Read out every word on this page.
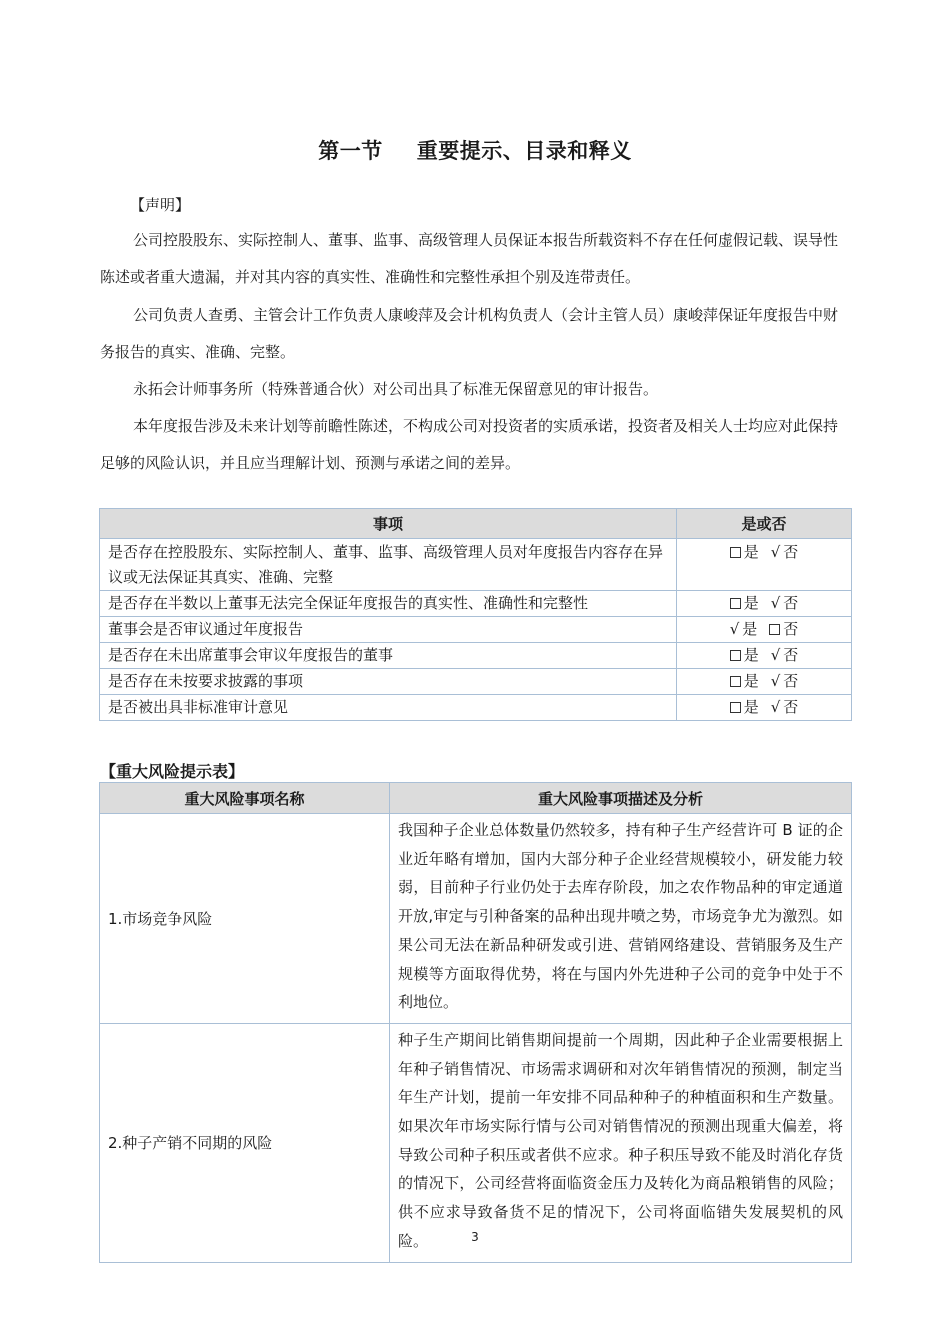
第一节 重要提示、目录和释义
【声明】
公司控股股东、实际控制人、董事、监事、高级管理人员保证本报告所载资料不存在任何虚假记载、误导性陈述或者重大遗漏，并对其内容的真实性、准确性和完整性承担个别及连带责任。
公司负责人查勇、主管会计工作负责人康峻萍及会计机构负责人（会计主管人员）康峻萍保证年度报告中财务报告的真实、准确、完整。
永拓会计师事务所（特殊普通合伙）对公司出具了标准无保留意见的审计报告。
本年度报告涉及未来计划等前瞻性陈述，不构成公司对投资者的实质承诺，投资者及相关人士均应对此保持足够的风险认识，并且应当理解计划、预测与承诺之间的差异。
事项	是或否
是否存在控股股东、实际控制人、董事、监事、高级管理人员对年度报告内容存在异议或无法保证其真实、准确、完整	是 √ 否
是否存在半数以上董事无法完全保证年度报告的真实性、准确性和完整性	是 √ 否
董事会是否审议通过年度报告	√ 是 否
是否存在未出席董事会审议年度报告的董事	是 √ 否
是否存在未按要求披露的事项	是 √ 否
是否被出具非标准审计意见	是 √ 否
【重大风险提示表】
重大风险事项名称	重大风险事项描述及分析
1.市场竞争风险	我国种子企业总体数量仍然较多，持有种子生产经营许可 B 证的企业近年略有增加，国内大部分种子企业经营规模较小，研发能力较弱，目前种子行业仍处于去库存阶段，加之农作物品种的审定通道开放,审定与引种备案的品种出现井喷之势，市场竞争尤为激烈。如果公司无法在新品种研发或引进、营销网络建设、营销服务及生产规模等方面取得优势，将在与国内外先进种子公司的竞争中处于不利地位。
2.种子产销不同期的风险	种子生产期间比销售期间提前一个周期，因此种子企业需要根据上年种子销售情况、市场需求调研和对次年销售情况的预测，制定当年生产计划，提前一年安排不同品种种子的种植面积和生产数量。如果次年市场实际行情与公司对销售情况的预测出现重大偏差，将导致公司种子积压或者供不应求。种子积压导致不能及时消化存货的情况下，公司经营将面临资金压力及转化为商品粮销售的风险；供不应求导致备货不足的情况下，公司将面临错失发展契机的风险。	3
